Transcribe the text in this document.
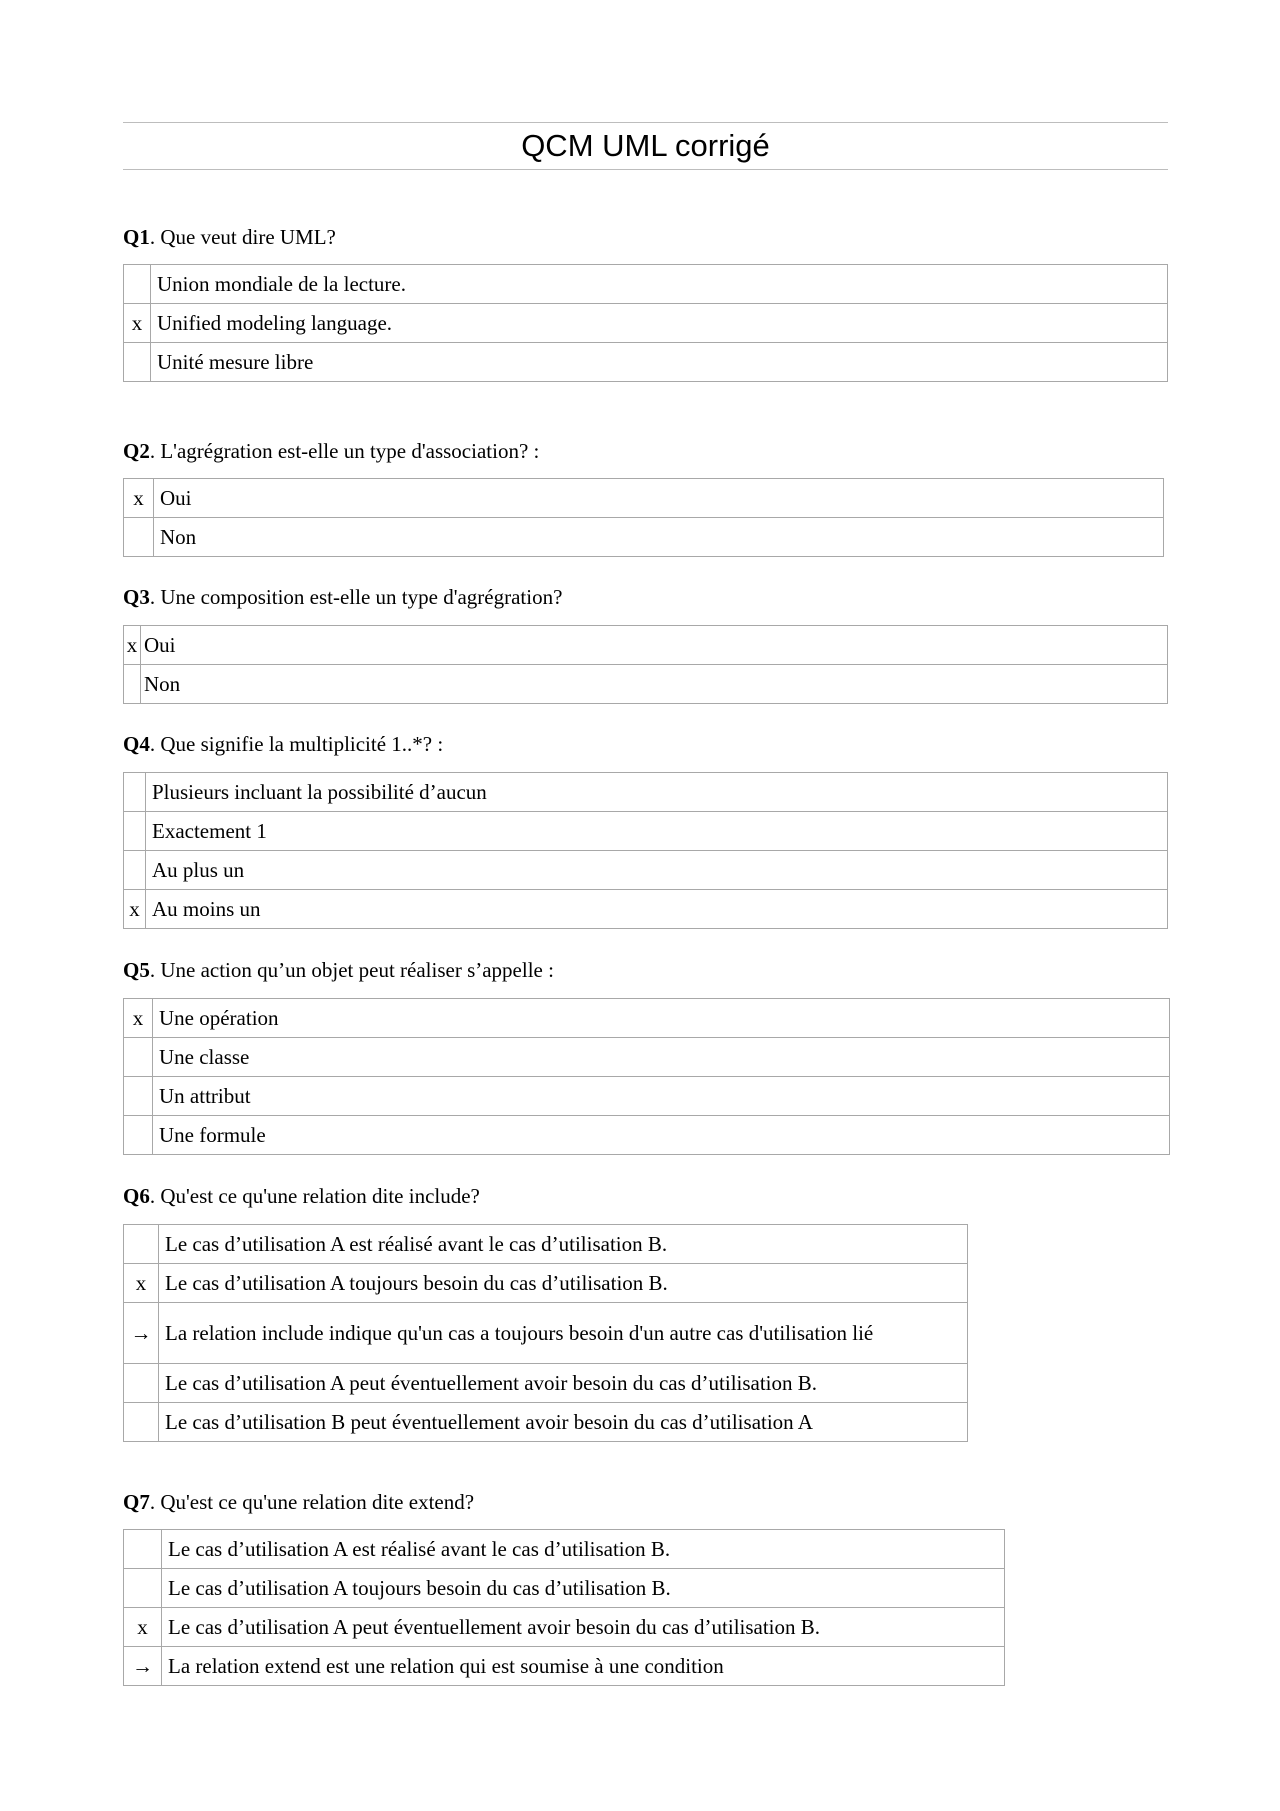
QCM UML corrigé
Q1. Que veut dire UML?
	Union mondiale de la lecture.
x	Unified modeling language.
	Unité mesure libre
Q2. L'agrégration est-elle un type d'association? :
x	Oui
	Non
Q3. Une composition est-elle un type d'agrégration?
x	Oui
	Non
Q4. Que signifie la multiplicité 1..*? :
	Plusieurs incluant la possibilité d’aucun
	Exactement 1
	Au plus un
x	Au moins un
Q5. Une action qu’un objet peut réaliser s’appelle :
x	Une opération
	Une classe
	Un attribut
	Une formule
Q6. Qu'est ce qu'une relation dite include?
	Le cas d’utilisation A est réalisé avant le cas d’utilisation B.
x	Le cas d’utilisation A toujours besoin du cas d’utilisation B.
→	La relation include indique qu'un cas a toujours besoin d'un autre cas d'utilisation lié
	Le cas d’utilisation A peut éventuellement avoir besoin du cas d’utilisation B.
	Le cas d’utilisation B peut éventuellement avoir besoin du cas d’utilisation A
Q7. Qu'est ce qu'une relation dite extend?
	Le cas d’utilisation A est réalisé avant le cas d’utilisation B.
	Le cas d’utilisation A toujours besoin du cas d’utilisation B.
x	Le cas d’utilisation A peut éventuellement avoir besoin du cas d’utilisation B.
→	La relation extend est une relation qui est soumise à une condition
